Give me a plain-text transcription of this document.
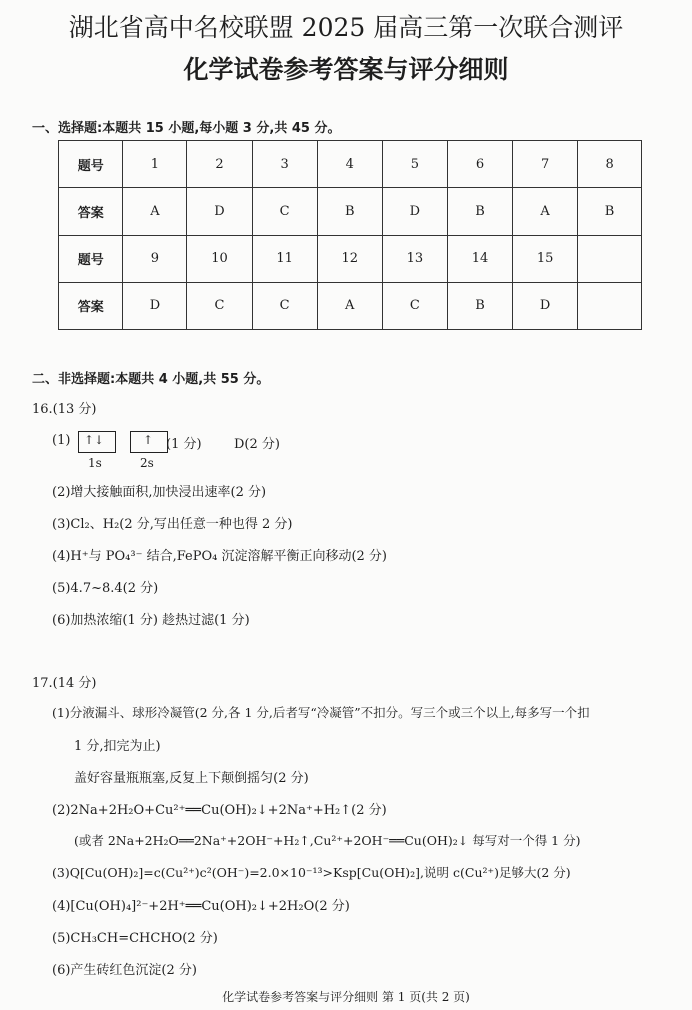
湖北省高中名校联盟 2025 届高三第一次联合测评
化学试卷参考答案与评分细则
一、选择题:本题共 15 小题,每小题 3 分,共 45 分。
题号	1	2	3	4	5	6	7	8
答案	A	D	C	B	D	B	A	B
题号	9	10	11	12	13	14	15	
答案	D	C	C	A	C	B	D	
二、非选择题:本题共 4 小题,共 55 分。
16.(13 分)
(1) ↑↓	↑ (1 分) D(2 分)
1s	2s
(2)增大接触面积,加快浸出速率(2 分)
(3)Cl₂、H₂(2 分,写出任意一种也得 2 分)
(4)H⁺与 PO₄³⁻ 结合,FePO₄ 沉淀溶解平衡正向移动(2 分)
(5)4.7~8.4(2 分)
(6)加热浓缩(1 分) 趁热过滤(1 分)
17.(14 分)
(1)分液漏斗、球形冷凝管(2 分,各 1 分,后者写“冷凝管”不扣分。写三个或三个以上,每多写一个扣
1 分,扣完为止)
盖好容量瓶瓶塞,反复上下颠倒摇匀(2 分)
(2)2Na+2H₂O+Cu²⁺══Cu(OH)₂↓+2Na⁺+H₂↑(2 分)
(或者 2Na+2H₂O══2Na⁺+2OH⁻+H₂↑,Cu²⁺+2OH⁻══Cu(OH)₂↓ 每写对一个得 1 分)
(3)Q[Cu(OH)₂]=c(Cu²⁺)c²(OH⁻)=2.0×10⁻¹³>Ksp[Cu(OH)₂],说明 c(Cu²⁺)足够大(2 分)
(4)[Cu(OH)₄]²⁻+2H⁺══Cu(OH)₂↓+2H₂O(2 分)
(5)CH₃CH=CHCHO(2 分)
(6)产生砖红色沉淀(2 分)
化学试卷参考答案与评分细则 第 1 页(共 2 页)
